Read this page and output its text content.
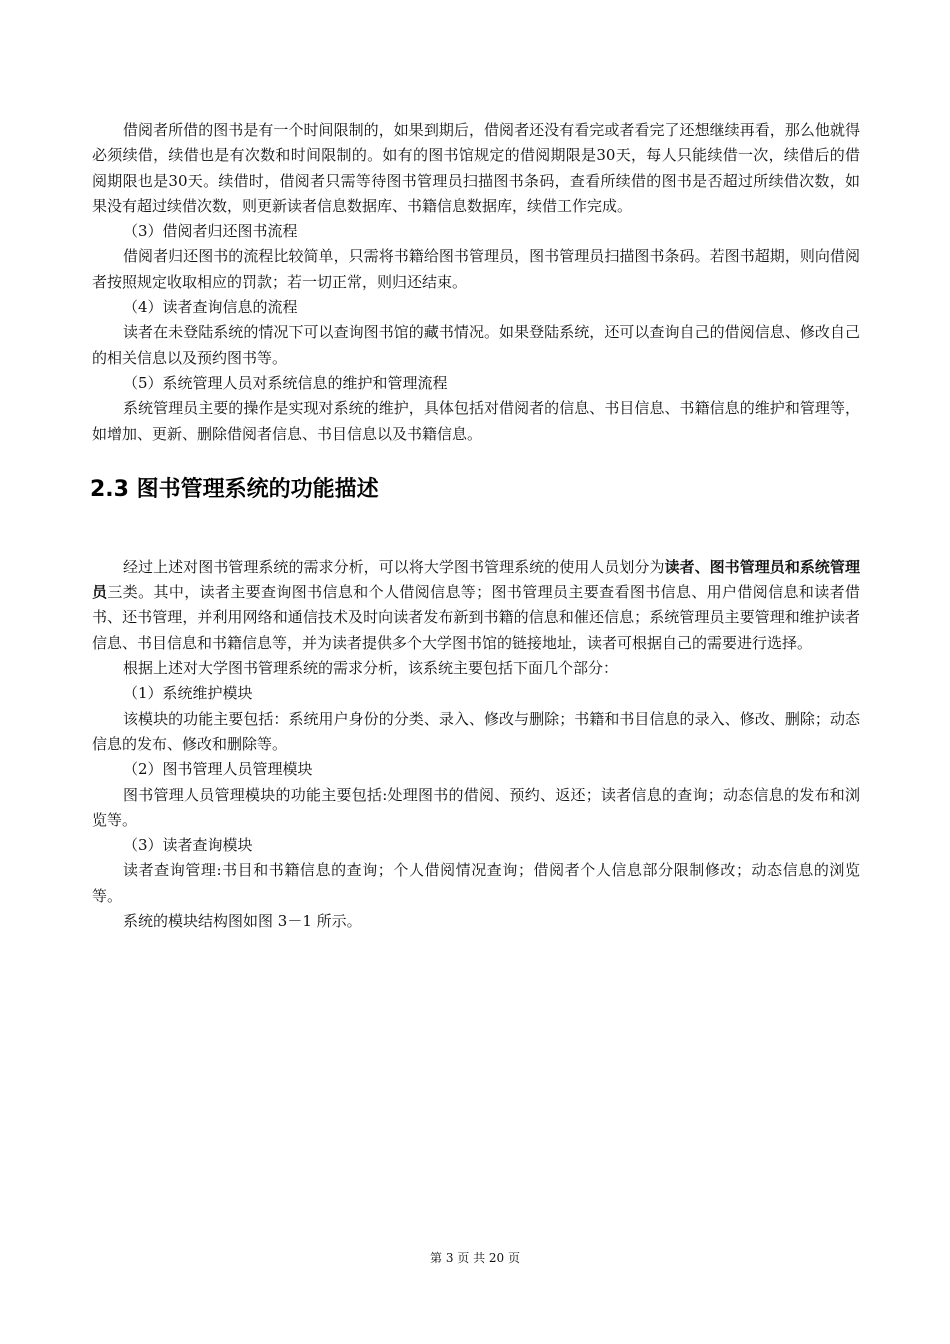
借阅者所借的图书是有一个时间限制的，如果到期后，借阅者还没有看完或者看完了还想继续再看，那么他就得必须续借，续借也是有次数和时间限制的。如有的图书馆规定的借阅期限是30天，每人只能续借一次，续借后的借阅期限也是30天。续借时，借阅者只需等待图书管理员扫描图书条码，查看所续借的图书是否超过所续借次数，如果没有超过续借次数，则更新读者信息数据库、书籍信息数据库，续借工作完成。

（3）借阅者归还图书流程

借阅者归还图书的流程比较简单，只需将书籍给图书管理员，图书管理员扫描图书条码。若图书超期，则向借阅者按照规定收取相应的罚款；若一切正常，则归还结束。

（4）读者查询信息的流程

读者在未登陆系统的情况下可以查询图书馆的藏书情况。如果登陆系统，还可以查询自己的借阅信息、修改自己的相关信息以及预约图书等。

（5）系统管理人员对系统信息的维护和管理流程

系统管理员主要的操作是实现对系统的维护，具体包括对借阅者的信息、书目信息、书籍信息的维护和管理等，如增加、更新、删除借阅者信息、书目信息以及书籍信息。

2.3 图书管理系统的功能描述

经过上述对图书管理系统的需求分析，可以将大学图书管理系统的使用人员划分为读者、图书管理员和系统管理员三类。其中，读者主要查询图书信息和个人借阅信息等；图书管理员主要查看图书信息、用户借阅信息和读者借书、还书管理，并利用网络和通信技术及时向读者发布新到书籍的信息和催还信息；系统管理员主要管理和维护读者信息、书目信息和书籍信息等，并为读者提供多个大学图书馆的链接地址，读者可根据自己的需要进行选择。

根据上述对大学图书管理系统的需求分析，该系统主要包括下面几个部分：

（1）系统维护模块

该模块的功能主要包括：系统用户身份的分类、录入、修改与删除；书籍和书目信息的录入、修改、删除；动态信息的发布、修改和删除等。

（2）图书管理人员管理模块

图书管理人员管理模块的功能主要包括:处理图书的借阅、预约、返还；读者信息的查询；动态信息的发布和浏览等。

（3）读者查询模块

读者查询管理:书目和书籍信息的查询；个人借阅情况查询；借阅者个人信息部分限制修改；动态信息的浏览等。

系统的模块结构图如图 3－1 所示。

第 3 页 共 20 页
